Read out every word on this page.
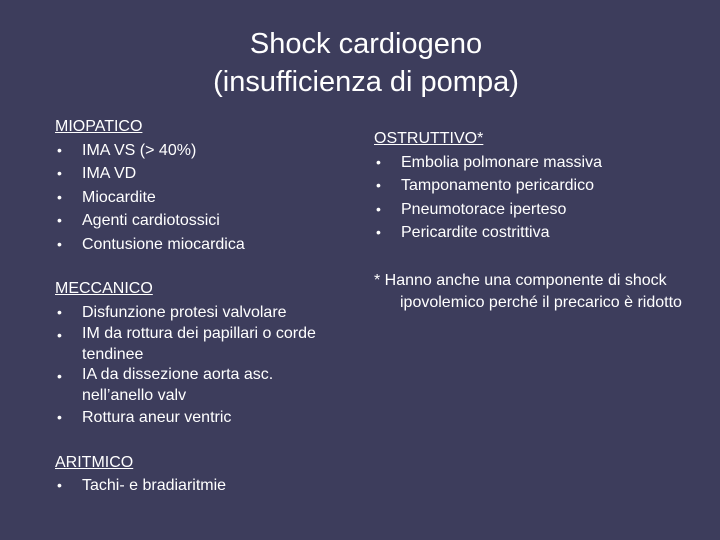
Shock cardiogeno
(insufficienza di pompa)
MIOPATICO
• IMA VS (> 40%)
• IMA VD
• Miocardite
• Agenti cardiotossici
• Contusione miocardica
MECCANICO
• Disfunzione protesi valvolare
• IM da rottura dei papillari o corde
tendinee
• IA da dissezione aorta asc.
nell’anello valv
• Rottura aneur ventric
ARITMICO
• Tachi- e bradiaritmie
OSTRUTTIVO*
• Embolia polmonare massiva
• Tamponamento pericardico
• Pneumotorace iperteso
• Pericardite costrittiva
* Hanno anche una componente di shock ipovolemico perché il precarico è ridotto
